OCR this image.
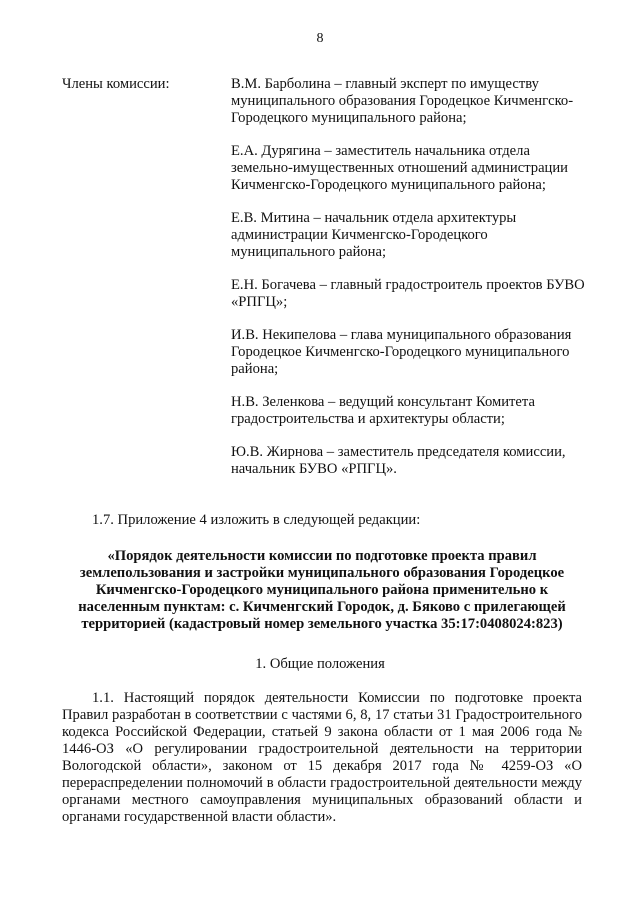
8
Члены комиссии:	В.М. Барболина – главный эксперт по имуществу муниципального образования Городецкое Кичменгско-Городецкого муниципального района;

Е.А. Дурягина – заместитель начальника отдела земельно-имущественных отношений администрации Кичменгско-Городецкого муниципального района;

Е.В. Митина – начальник отдела архитектуры администрации Кичменгско-Городецкого муниципального района;

Е.Н. Богачева – главный градостроитель проектов БУВО «РПГЦ»;

И.В. Некипелова – глава муниципального образования Городецкое Кичменгско-Городецкого муниципального района;

Н.В. Зеленкова – ведущий консультант Комитета градостроительства и архитектуры области;

Ю.В. Жирнова – заместитель председателя комиссии, начальник БУВО «РПГЦ».

1.7. Приложение 4 изложить в следующей редакции:
«Порядок деятельности комиссии по подготовке проекта правил землепользования и застройки муниципального образования Городецкое Кичменгско-Городецкого муниципального района применительно к населенным пунктам: с. Кичменгский Городок, д. Бяково с прилегающей территорией (кадастровый номер земельного участка 35:17:0408024:823)
1. Общие положения
1.1. Настоящий порядок деятельности Комиссии по подготовке проекта Правил разработан в соответствии с частями 6, 8, 17 статьи 31 Градостроительного кодекса Российской Федерации, статьей 9 закона области от 1 мая 2006 года № 1446-ОЗ «О регулировании градостроительной деятельности на территории Вологодской области», законом от 15 декабря 2017 года № 4259-ОЗ «О перераспределении полномочий в области градостроительной деятельности между органами местного самоуправления муниципальных образований области и органами государственной власти области».
